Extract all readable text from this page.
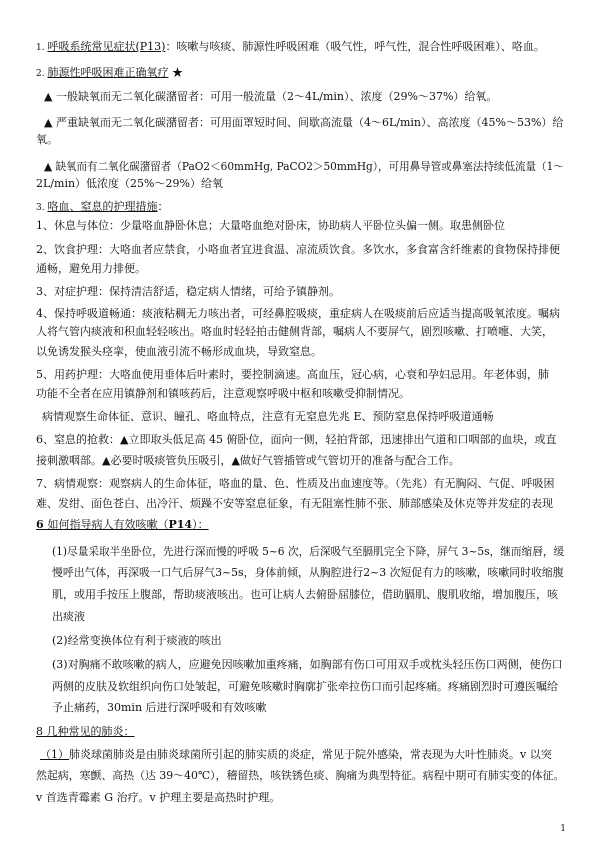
1. 呼吸系统常见症状(P13)：咳嗽与咳痰、肺源性呼吸困难（吸气性，呼气性，混合性呼吸困难）、咯血。
2. 肺源性呼吸困难正确氧疗 ★
▲ 一般缺氧而无二氧化碳潴留者：可用一般流量（2～4L/min）、浓度（29%～37%）给氧。
▲ 严重缺氧而无二氧化碳潴留者：可用面罩短时间、间歇高流量（4～6L/min）、高浓度（45%～53%）给
氧。
▲ 缺氧而有二氧化碳潴留者（PaO2＜60mmHg, PaCO2＞50mmHg），可用鼻导管或鼻塞法持续低流量（1～
2L/min）低浓度（25%～29%）给氧
3. 咯血、窒息的护理措施：
1、休息与体位：少量咯血静卧休息；大量咯血绝对卧床，协助病人平卧位头偏一侧。取患侧卧位
2、饮食护理：大咯血者应禁食，小咯血者宜进食温、凉流质饮食。多饮水，多食富含纤维素的食物保持排便
通畅，避免用力排便。
3、对症护理：保持清洁舒适，稳定病人情绪，可给予镇静剂。
4、保持呼吸道畅通：痰液粘稠无力咳出者，可经鼻腔吸痰，重症病人在吸痰前后应适当提高吸氧浓度。嘱病
人将气管内痰液和积血轻轻咳出。咯血时轻轻拍击健侧背部，嘱病人不要屏气，剧烈咳嗽、打喷嚏、大笑，
以免诱发猴头痉挛，使血液引流不畅形成血块，导致窒息。
5、用药护理：大咯血使用垂体后叶素时，要控制滴速。高血压，冠心病，心衰和孕妇忌用。年老体弱，肺
功能不全者在应用镇静剂和镇咳药后，注意观察呼吸中枢和咳嗽受抑制情况。
病情观察生命体征、意识、瞳孔、咯血特点，注意有无窒息先兆 E、预防窒息保持呼吸道通畅
6、窒息的抢救：▲立即取头低足高 45 俯卧位，面向一侧，轻拍背部，迅速排出气道和口咽部的血块，或直
接刺激咽部。▲必要时吸痰管负压吸引，▲做好气管插管或气管切开的准备与配合工作。
7、病情观察：观察病人的生命体征，咯血的量、色、性质及出血速度等。（先兆）有无胸闷、气促、呼吸困
难、发绀、面色苍白、出冷汗、烦躁不安等窒息征象，有无阻塞性肺不张、肺部感染及休克等并发症的表现
6 如何指导病人有效咳嗽（P14）：
(1)尽量采取半坐卧位，先进行深而慢的呼吸 5~6 次，后深吸气至膈肌完全下降，屏气 3~5s，继而缩唇，缓
慢呼出气体，再深吸一口气后屏气3~5s，身体前倾，从胸腔进行2~3 次短促有力的咳嗽，咳嗽同时收缩腹
肌，或用手按压上腹部，帮助痰液咳出。也可让病人去俯卧屈膝位，借助膈肌、腹肌收缩，增加腹压，咳
出痰液
(2)经常变换体位有利于痰液的咳出
(3)对胸痛不敢咳嗽的病人，应避免因咳嗽加重疼痛，如胸部有伤口可用双手或枕头轻压伤口两侧，使伤口
两侧的皮肤及软组织向伤口处皱起，可避免咳嗽时胸廓扩张牵拉伤口而引起疼痛。疼痛剧烈时可遵医嘱给
予止痛药，30min 后进行深呼吸和有效咳嗽
8 几种常见的肺炎：
（1）肺炎球菌肺炎是由肺炎球菌所引起的肺实质的炎症，常见于院外感染，常表现为大叶性肺炎。v 以突
然起病，寒颤、高热（达 39～40℃），稽留热，咳铁锈色痰、胸痛为典型特征。病程中期可有肺实变的体征。
v 首选青霉素 G 治疗。v 护理主要是高热时护理。
1
